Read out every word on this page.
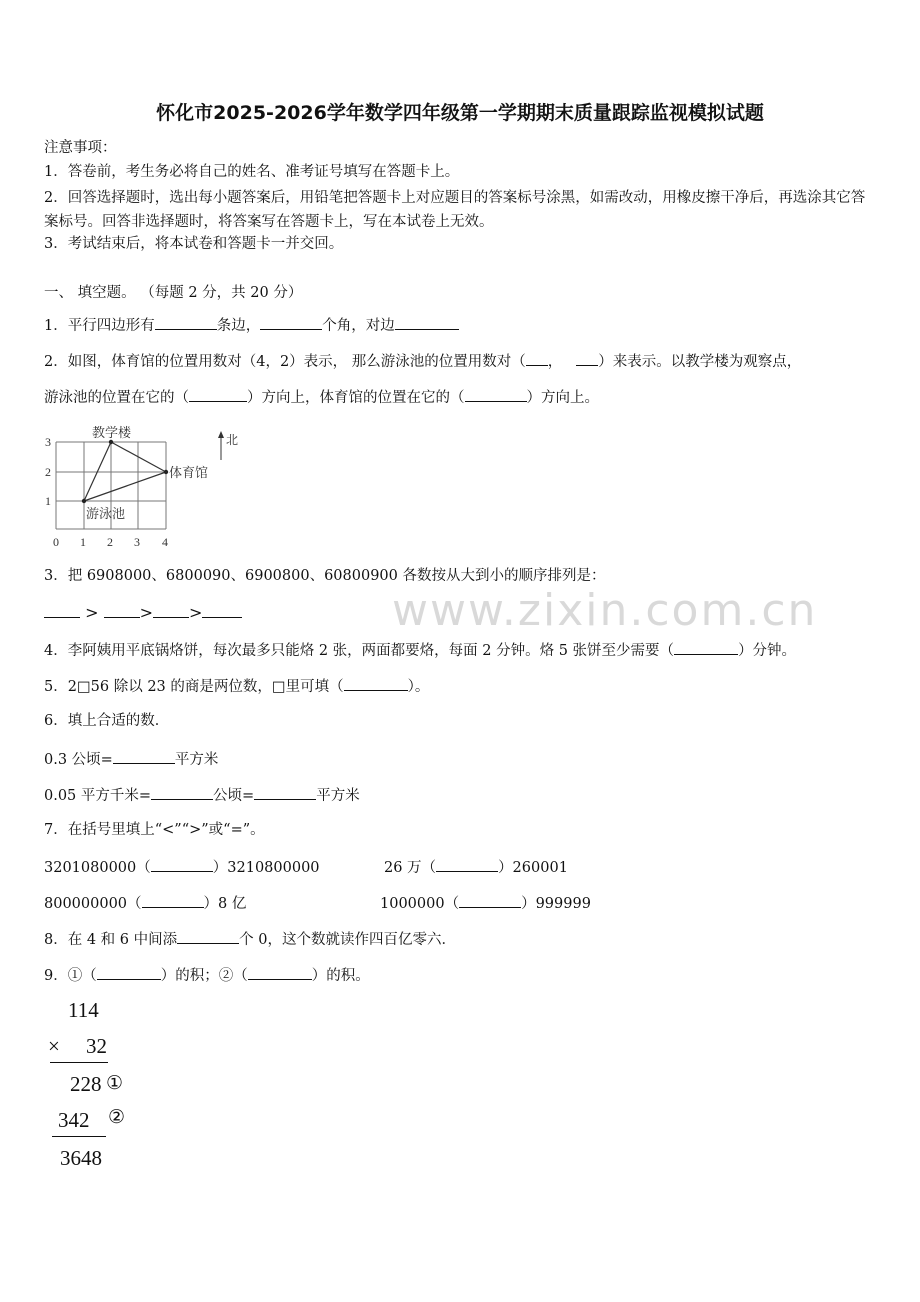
怀化市2025-2026学年数学四年级第一学期期末质量跟踪监视模拟试题
注意事项：
1．答卷前，考生务必将自己的姓名、准考证号填写在答题卡上。
2．回答选择题时，选出每小题答案后，用铅笔把答题卡上对应题目的答案标号涂黑，如需改动，用橡皮擦干净后，再选涂其它答案标号。回答非选择题时，将答案写在答题卡上，写在本试卷上无效。
3．考试结束后，将本试卷和答题卡一并交回。
一、 填空题。 （每题 2 分，共 20 分）
1．平行四边形有	条边，	个角，对边
2．如图，体育馆的位置用数对（4，2）表示， 那么游泳池的位置用数对（ ， ）来表示。以教学楼为观察点，
游泳池的位置在它的（	）方向上，体育馆的位置在它的（	）方向上。
0 1 2 3 4
1
2
3
教学楼
体育馆
游泳池
北
3．把 6908000、6800090、6900800、60800900 各数按从大到小的顺序排列是：
>	> >	www.zixin.com.cn
4．李阿姨用平底锅烙饼，每次最多只能烙 2 张，两面都要烙，每面 2 分钟。烙 5 张饼至少需要（	）分钟。
5．2□56 除以 23 的商是两位数，□里可填（	）。
6．填上合适的数．
0.3 公顷=	平方米
0.05 平方千米=	公顷=	平方米
7．在括号里填上“<”“>”或“=”。
3201080000（	）3210800000	26 万（	）260001
800000000（	）8 亿	1000000（	）999999
8．在 4 和 6 中间添	个 0，这个数就读作四百亿零六．
9．①（	）的积；②（	）的积。
114
× 32
228 ①
342 ②
3648
